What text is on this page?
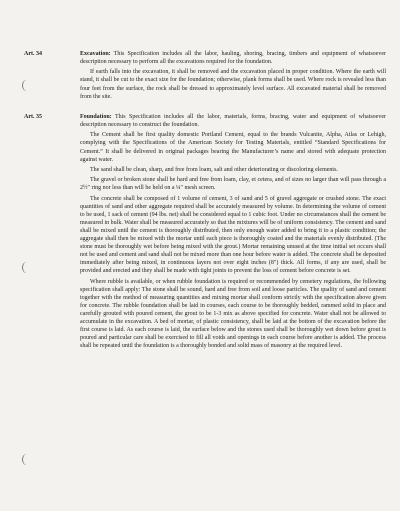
Art. 34	Excavation: This Specification includes all the labor, hauling, shoring, bracing, timbers and equipment of whatsoever description necessary to perform all the excavations required for the foundation.

If earth falls into the excavation, it shall be removed and the excavation placed in proper condition. Where the earth will stand, it shall be cut to the exact size for the foundation; otherwise, plank forms shall be used. Where rock is revealed less than four feet from the surface, the rock shall be dressed to approximately level surface. All excavated material shall be removed from the site.

Art. 35	Foundation: This Specification includes all the labor, materials, forms, bracing, water and equipment of whatsoever description necessary to construct the foundation.

The Cement shall be first quality domestic Portland Cement, equal to the brands Vulcanite, Alpha, Atlas or Lehigh, complying with the Specifications of the American Society for Testing Materials, entitled “Standard Specifications for Cement.” It shall be delivered in original packages bearing the Manufacturer’s name and stored with adequate protection against water.

The sand shall be clean, sharp, and free from loam, salt and other deteriorating or discoloring elements.

The gravel or broken stone shall be hard and free from loam, clay, et cetera, and of sizes no larger than will pass through a 2½″ ring nor less than will be held on a ¼″ mesh screen.

The concrete shall be composed of 1 volume of cement, 3 of sand and 5 of gravel aggregate or crushed stone. The exact quantities of sand and other aggregate required shall be accurately measured by volume. In determining the volume of cement to be used, 1 sack of cement (94 lbs. net) shall be considered equal to 1 cubic foot. Under no circumstances shall the cement be measured in bulk. Water shall be measured accurately so that the mixtures will be of uniform consistency. The cement and sand shall be mixed until the cement is thoroughly distributed, then only enough water added to bring it to a plastic condition; the aggregate shall then be mixed with the mortar until each piece is thoroughly coated and the materials evenly distributed. (The stone must be thoroughly wet before being mixed with the grout.) Mortar remaining unused at the time initial set occurs shall not be used and cement and sand shall not be mixed more than one hour before water is added. The concrete shall be deposited immediately after being mixed, in continuous layers not over eight inches (8″) thick. All forms, if any are used, shall be provided and erected and they shall be made with tight joints to prevent the loss of cement before concrete is set.

Where rubble is available, or when rubble foundation is required or recommended by cemetery regulations, the following specification shall apply: The stone shall be sound, hard and free from soil and loose particles. The quality of sand and cement together with the method of measuring quantities and mixing mortar shall conform strictly with the specification above given for concrete. The rubble foundation shall be laid in courses, each course to be thoroughly bedded, rammed solid in place and carefully grouted with poured cement, the grout to be 1-3 mix as above specified for concrete. Water shall not be allowed to accumulate in the excavation. A bed of mortar, of plastic consistency, shall be laid at the bottom of the excavation before the first course is laid. As each course is laid, the surface below and the stones used shall be thoroughly wet down before grout is poured and particular care shall be exercised to fill all voids and openings in each course before another is added. The process shall be repeated until the foundation is a thoroughly bonded and solid mass of masonry at the required level.
